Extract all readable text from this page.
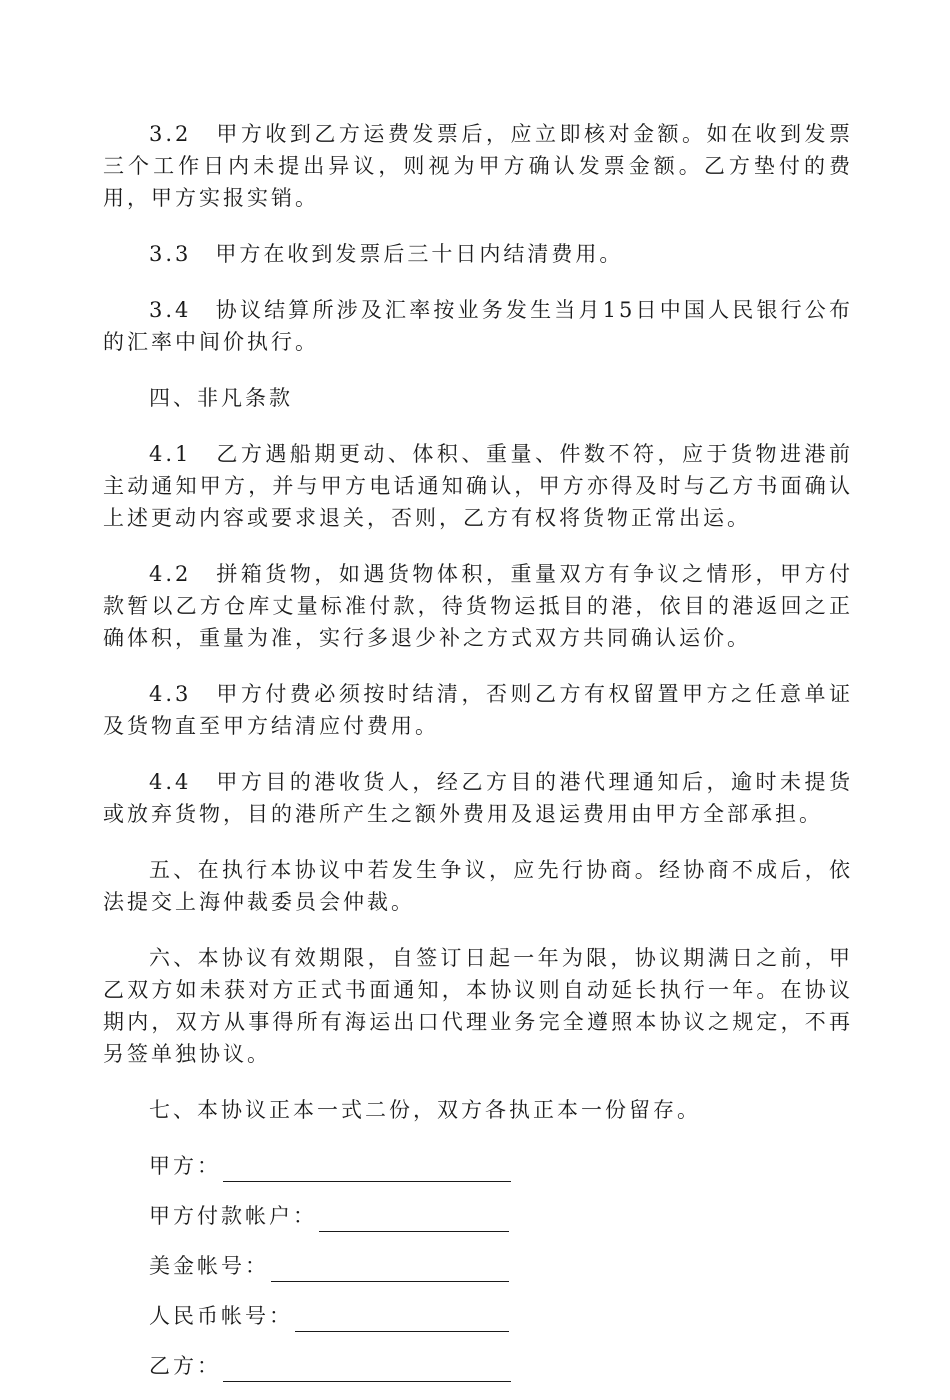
3.2　甲方收到乙方运费发票后，应立即核对金额。如在收到发票三个工作日内未提出异议，则视为甲方确认发票金额。乙方垫付的费用，甲方实报实销。

3.3　甲方在收到发票后三十日内结清费用。

3.4　协议结算所涉及汇率按业务发生当月15日中国人民银行公布的汇率中间价执行。

四、非凡条款

4.1　乙方遇船期更动、体积、重量、件数不符，应于货物进港前主动通知甲方，并与甲方电话通知确认，甲方亦得及时与乙方书面确认上述更动内容或要求退关，否则，乙方有权将货物正常出运。

4.2　拼箱货物，如遇货物体积，重量双方有争议之情形，甲方付款暂以乙方仓库丈量标准付款，待货物运抵目的港，依目的港返回之正确体积，重量为准，实行多退少补之方式双方共同确认运价。

4.3　甲方付费必须按时结清，否则乙方有权留置甲方之任意单证及货物直至甲方结清应付费用。

4.4　甲方目的港收货人，经乙方目的港代理通知后，逾时未提货或放弃货物，目的港所产生之额外费用及退运费用由甲方全部承担。

五、在执行本协议中若发生争议，应先行协商。经协商不成后，依法提交上海仲裁委员会仲裁。

六、本协议有效期限，自签订日起一年为限，协议期满日之前，甲乙双方如未获对方正式书面通知，本协议则自动延长执行一年。在协议期内，双方从事得所有海运出口代理业务完全遵照本协议之规定，不再另签单独协议。

七、本协议正本一式二份，双方各执正本一份留存。

甲方：
甲方付款帐户：
美金帐号：
人民币帐号：
乙方：
